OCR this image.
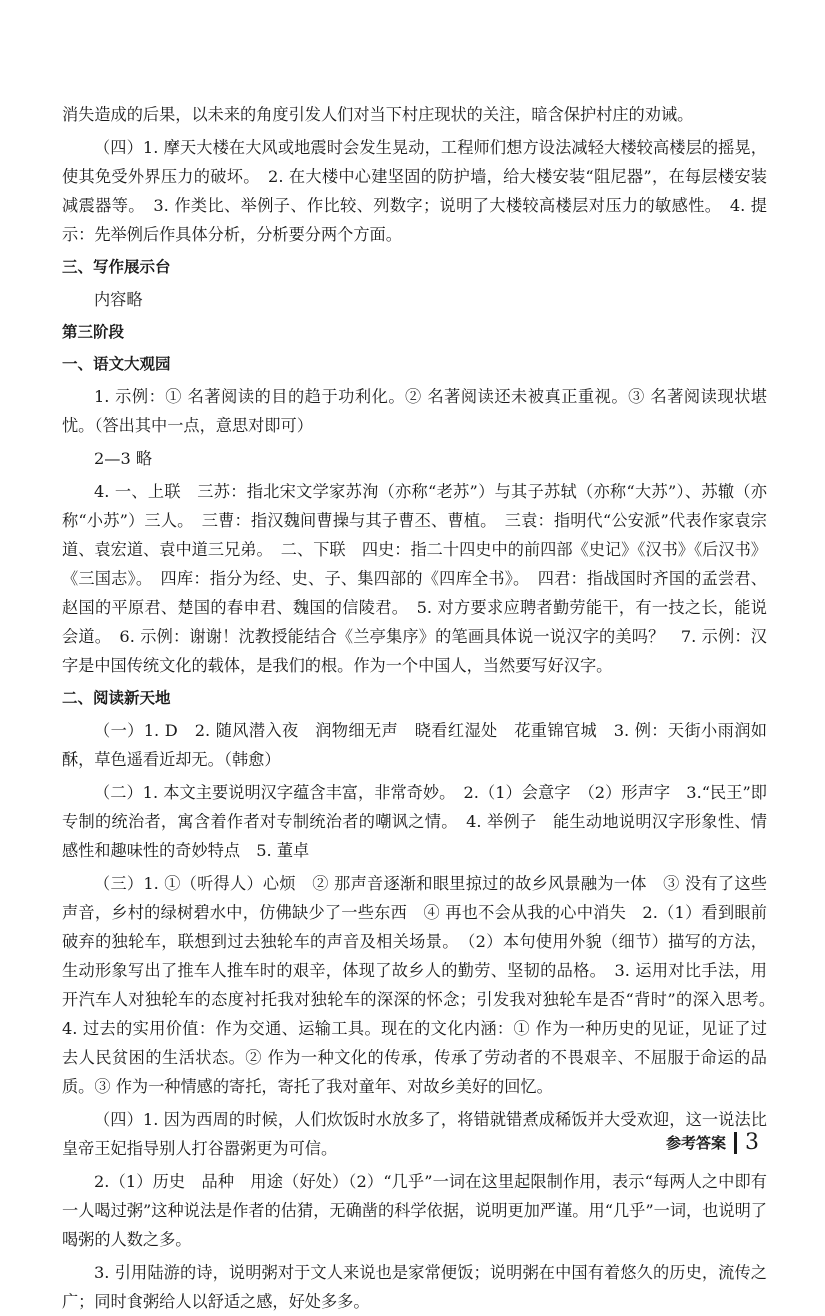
消失造成的后果，以未来的角度引发人们对当下村庄现状的关注，暗含保护村庄的劝诫。

（四）1. 摩天大楼在大风或地震时会发生晃动，工程师们想方设法减轻大楼较高楼层的摇晃，使其免受外界压力的破坏。　2. 在大楼中心建坚固的防护墙，给大楼安装“阻尼器”，在每层楼安装减震器等。　3. 作类比、举例子、作比较、列数字；说明了大楼较高楼层对压力的敏感性。　4. 提示：先举例后作具体分析，分析要分两个方面。

三、写作展示台

内容略

第三阶段
一、语文大观园

1. 示例：① 名著阅读的目的趋于功利化。② 名著阅读还未被真正重视。③ 名著阅读现状堪忧。（答出其中一点，意思对即可）

2—3 略

4. 一、上联　三苏：指北宋文学家苏洵（亦称“老苏”）与其子苏轼（亦称“大苏”）、苏辙（亦称“小苏”）三人。　三曹：指汉魏间曹操与其子曹丕、曹植。　三袁：指明代“公安派”代表作家袁宗道、袁宏道、袁中道三兄弟。　二、下联　四史：指二十四史中的前四部《史记》《汉书》《后汉书》《三国志》。　四库：指分为经、史、子、集四部的《四库全书》。　四君：指战国时齐国的孟尝君、赵国的平原君、楚国的春申君、魏国的信陵君。　5. 对方要求应聘者勤劳能干，有一技之长，能说会道。　6. 示例：谢谢！沈教授能结合《兰亭集序》的笔画具体说一说汉字的美吗？　7. 示例：汉字是中国传统文化的载体，是我们的根。作为一个中国人，当然要写好汉字。

二、阅读新天地

（一）1. D　2. 随风潜入夜　润物细无声　晓看红湿处　花重锦官城　3. 例：天街小雨润如酥，草色遥看近却无。（韩愈）

（二）1. 本文主要说明汉字蕴含丰富，非常奇妙。　2.（1）会意字　（2）形声字　3.“民王”即专制的统治者，寓含着作者对专制统治者的嘲讽之情。　4. 举例子　能生动地说明汉字形象性、情感性和趣味性的奇妙特点　5. 董卓

（三）1. ①（听得人）心烦　② 那声音逐渐和眼里掠过的故乡风景融为一体　③ 没有了这些声音，乡村的绿树碧水中，仿佛缺少了一些东西　④ 再也不会从我的心中消失　2.（1）看到眼前破弃的独轮车，联想到过去独轮车的声音及相关场景。　（2）本句使用外貌（细节）描写的方法，生动形象写出了推车人推车时的艰辛，体现了故乡人的勤劳、坚韧的品格。　3. 运用对比手法，用开汽车人对独轮车的态度衬托我对独轮车的深深的怀念；引发我对独轮车是否“背时”的深入思考。　4. 过去的实用价值：作为交通、运输工具。现在的文化内涵：① 作为一种历史的见证，见证了过去人民贫困的生活状态。② 作为一种文化的传承，传承了劳动者的不畏艰辛、不屈服于命运的品质。③ 作为一种情感的寄托，寄托了我对童年、对故乡美好的回忆。

（四）1. 因为西周的时候，人们炊饭时水放多了，将错就错煮成稀饭并大受欢迎，这一说法比皇帝王妃指导别人打谷嚣粥更为可信。

2.（1）历史　品种　用途（好处）（2）“几乎”一词在这里起限制作用，表示“每两人之中即有一人喝过粥”这种说法是作者的估猜，无确凿的科学依据，说明更加严谨。用“几乎”一词，也说明了喝粥的人数之多。

3. 引用陆游的诗，说明粥对于文人来说也是家常便饭；说明粥在中国有着悠久的历史，流传之广；同时食粥给人以舒适之感，好处多多。

参考答案 3
